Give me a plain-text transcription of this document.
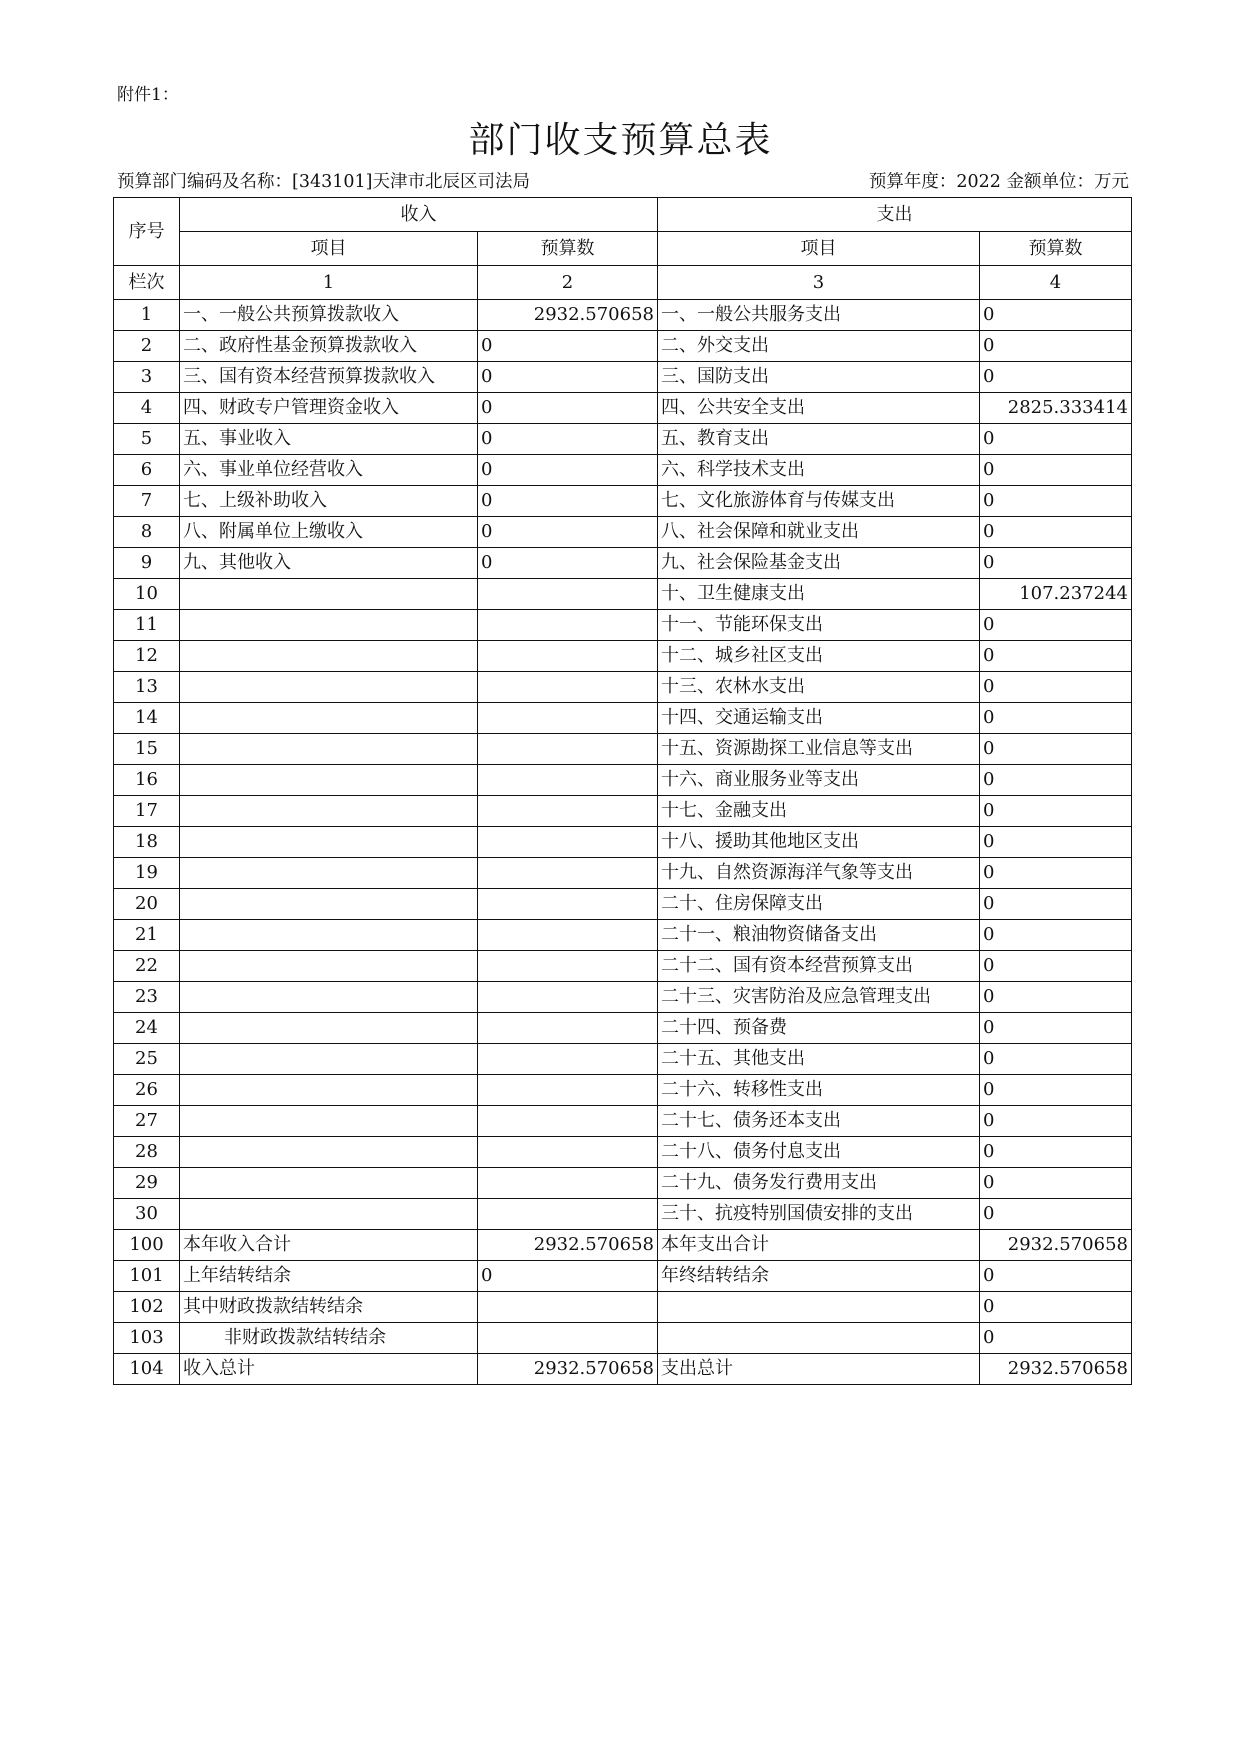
附件1：
部门收支预算总表
预算部门编码及名称：[343101]天津市北辰区司法局	预算年度：2022 金额单位：万元
序号	收入		支出	
	项目	预算数	项目	预算数
栏次	1	2	3	4
1	一、一般公共预算拨款收入	2932.570658	一、一般公共服务支出	0
2	二、政府性基金预算拨款收入	0	二、外交支出	0
3	三、国有资本经营预算拨款收入	0	三、国防支出	0
4	四、财政专户管理资金收入	0	四、公共安全支出	2825.333414
5	五、事业收入	0	五、教育支出	0
6	六、事业单位经营收入	0	六、科学技术支出	0
7	七、上级补助收入	0	七、文化旅游体育与传媒支出	0
8	八、附属单位上缴收入	0	八、社会保障和就业支出	0
9	九、其他收入	0	九、社会保险基金支出	0
10			十、卫生健康支出	107.237244
11			十一、节能环保支出	0
12			十二、城乡社区支出	0
13			十三、农林水支出	0
14			十四、交通运输支出	0
15			十五、资源勘探工业信息等支出	0
16			十六、商业服务业等支出	0
17			十七、金融支出	0
18			十八、援助其他地区支出	0
19			十九、自然资源海洋气象等支出	0
20			二十、住房保障支出	0
21			二十一、粮油物资储备支出	0
22			二十二、国有资本经营预算支出	0
23			二十三、灾害防治及应急管理支出	0
24			二十四、预备费	0
25			二十五、其他支出	0
26			二十六、转移性支出	0
27			二十七、债务还本支出	0
28			二十八、债务付息支出	0
29			二十九、债务发行费用支出	0
30			三十、抗疫特别国债安排的支出	0
100	本年收入合计	2932.570658	本年支出合计	2932.570658
101	上年结转结余	0	年终结转结余	0
102	其中财政拨款结转结余			0
103	非财政拨款结转结余			0
104	收入总计	2932.570658	支出总计	2932.570658
